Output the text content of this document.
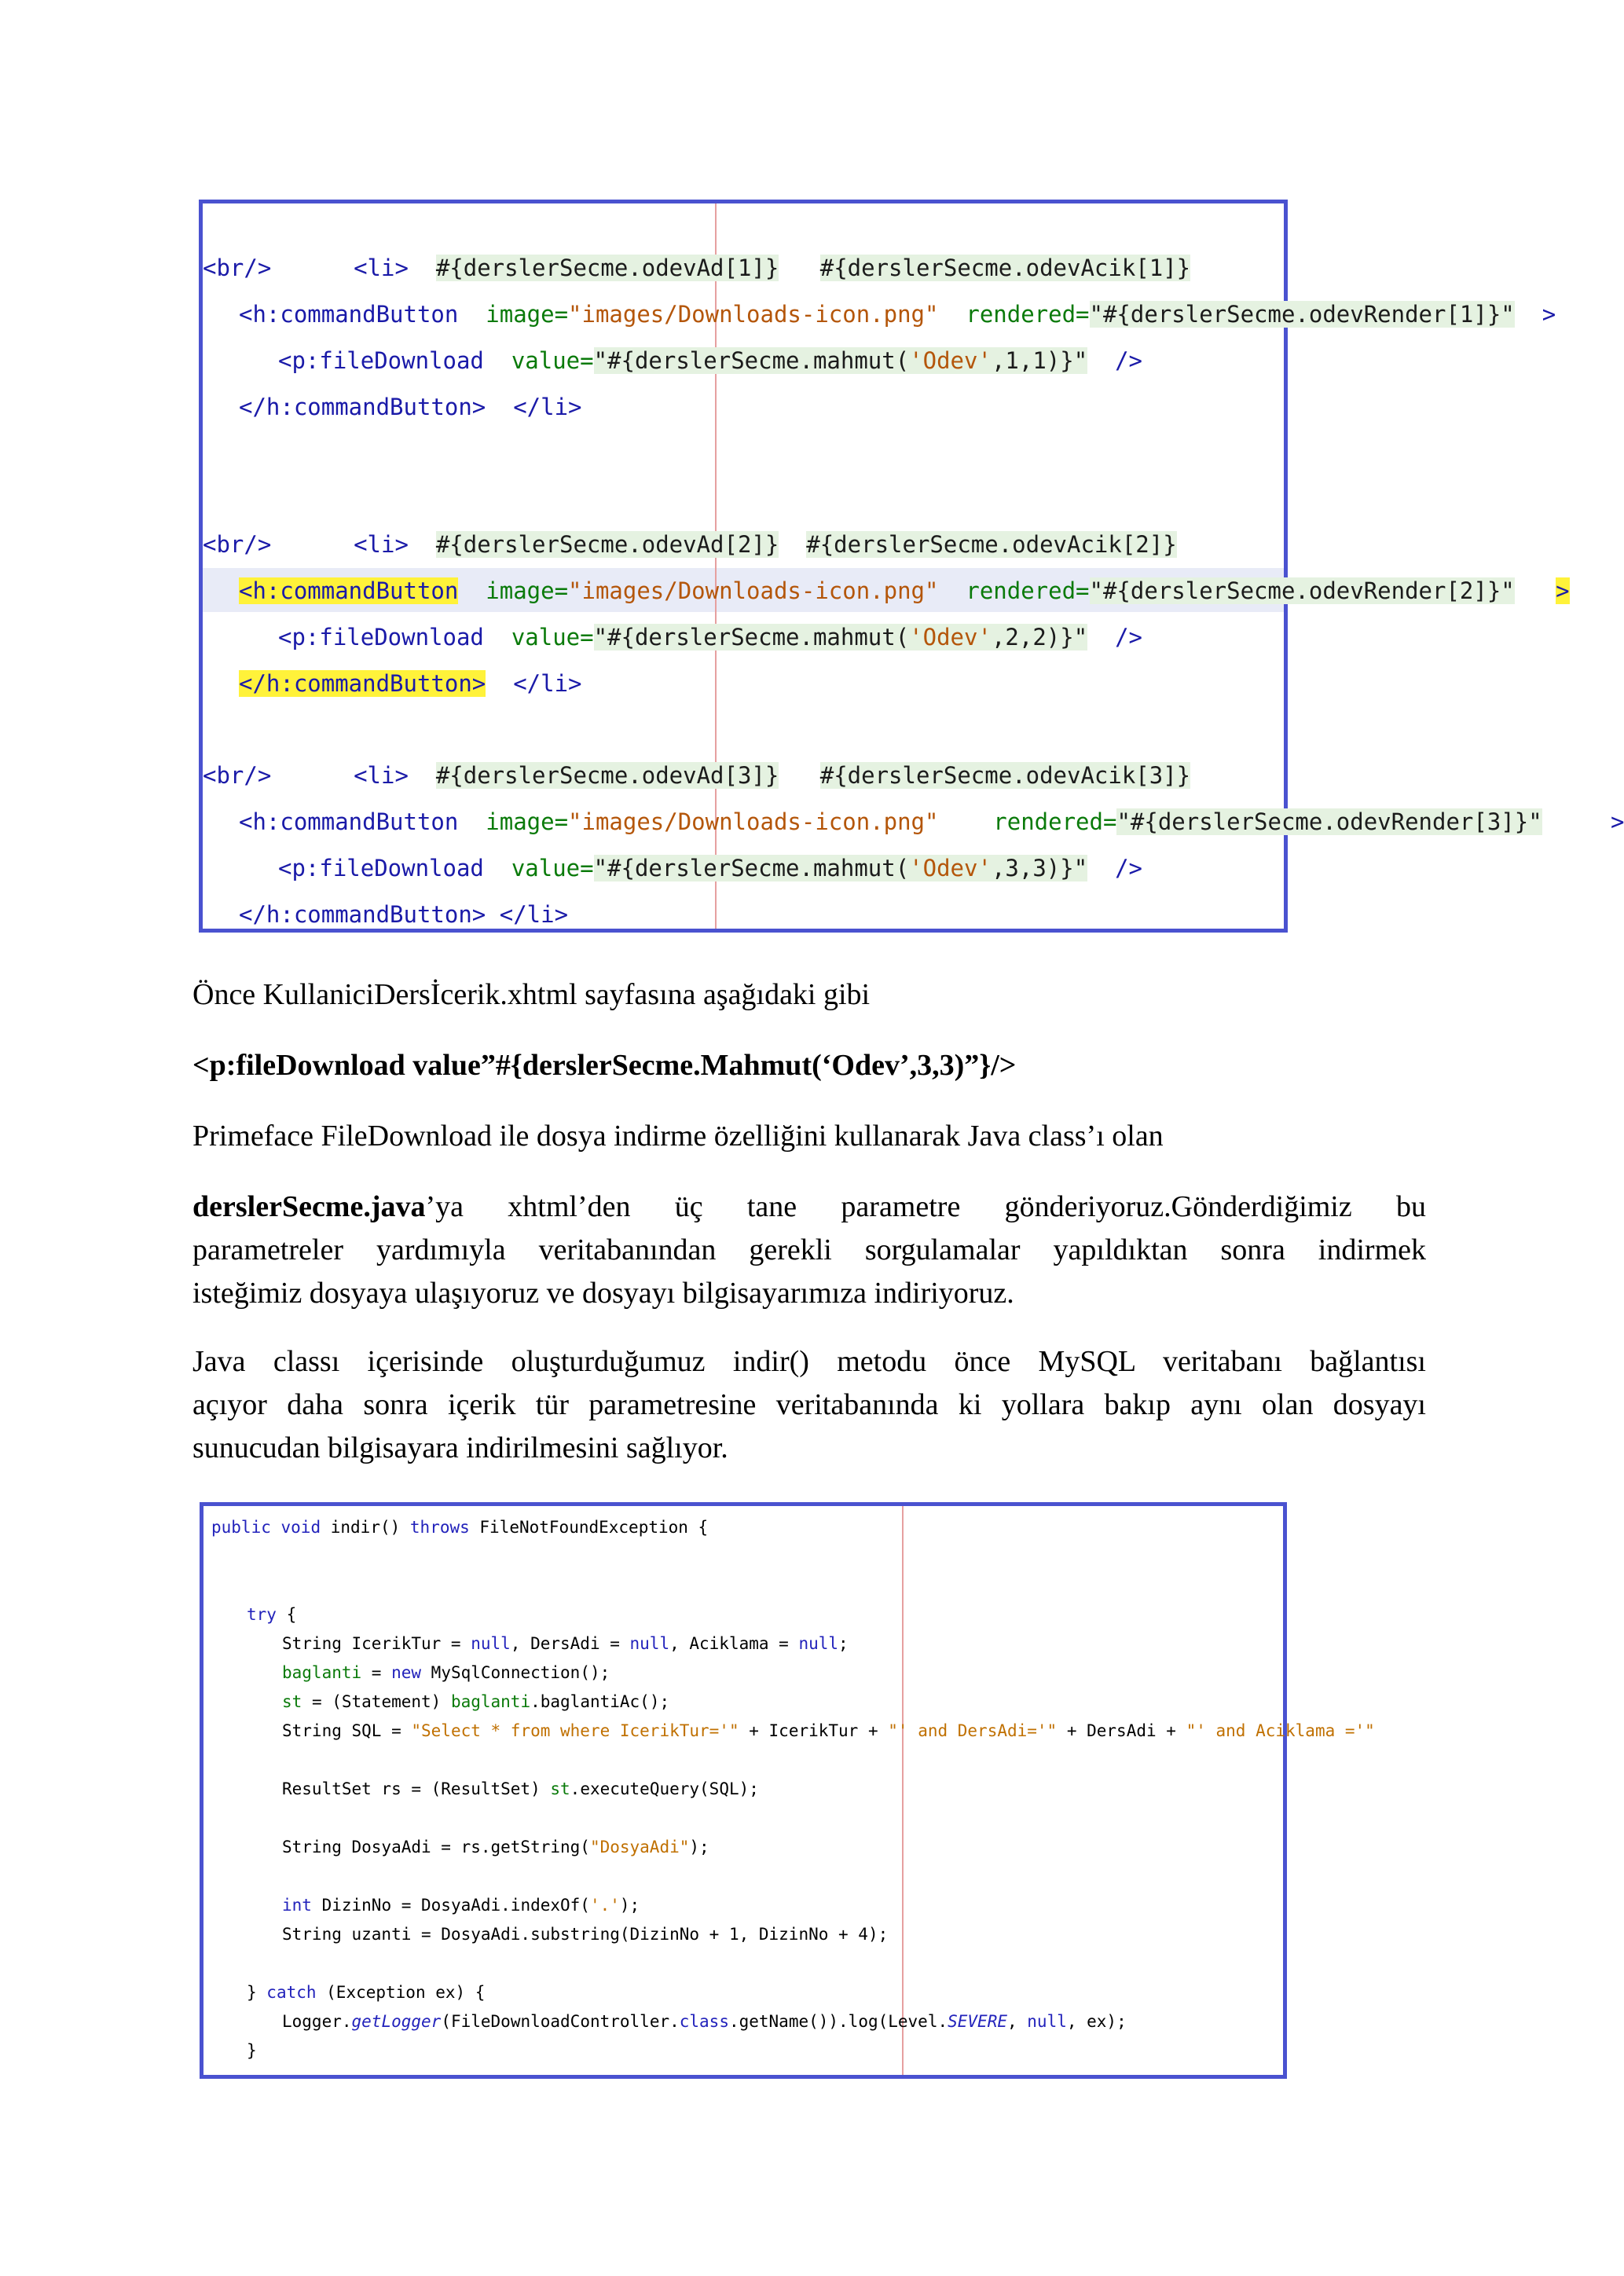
<br/>	<li> #{derslerSecme.odevAd[1]} #{derslerSecme.odevAcik[1]}
<h:commandButton image="images/Downloads-icon.png" rendered="#{derslerSecme.odevRender[1]}" >
<p:fileDownload value="#{derslerSecme.mahmut('Odev',1,1)}" />
</h:commandButton> </li>
<br/>	<li> #{derslerSecme.odevAd[2]} #{derslerSecme.odevAcik[2]}
<h:commandButton image="images/Downloads-icon.png" rendered="#{derslerSecme.odevRender[2]}" >
<p:fileDownload value="#{derslerSecme.mahmut('Odev',2,2)}" />
</h:commandButton> </li>
<br/>	<li> #{derslerSecme.odevAd[3]} #{derslerSecme.odevAcik[3]}
<h:commandButton image="images/Downloads-icon.png" rendered="#{derslerSecme.odevRender[3]}"	>
<p:fileDownload value="#{derslerSecme.mahmut('Odev',3,3)}" />
</h:commandButton> </li>
Önce KullaniciDersİcerik.xhtml sayfasına aşağıdaki gibi
<p:fileDownload value”#{derslerSecme.Mahmut(‘Odev’,3,3)”}/>
Primeface FileDownload ile dosya indirme özelliğini kullanarak Java class’ı olan
derslerSecme.java’ya xhtml’den üç tane parametre gönderiyoruz.Gönderdiğimiz bu
parametreler yardımıyla veritabanından gerekli sorgulamalar yapıldıktan sonra indirmek
isteğimiz dosyaya ulaşıyoruz ve dosyayı bilgisayarımıza indiriyoruz.
Java classı içerisinde oluşturduğumuz indir() metodu önce MySQL veritabanı bağlantısı
açıyor daha sonra içerik tür parametresine veritabanında ki yollara bakıp aynı olan dosyayı
sunucudan bilgisayara indirilmesini sağlıyor.
public void indir() throws FileNotFoundException {
try {
String IcerikTur = null, DersAdi = null, Aciklama = null;
baglanti = new MySqlConnection();
st = (Statement) baglanti.baglantiAc();
String SQL = "Select * from where IcerikTur='" + IcerikTur + "' and DersAdi='" + DersAdi + "' and Aciklama ='"
ResultSet rs = (ResultSet) st.executeQuery(SQL);
String DosyaAdi = rs.getString("DosyaAdi");
int DizinNo = DosyaAdi.indexOf('.');
String uzanti = DosyaAdi.substring(DizinNo + 1, DizinNo + 4);
} catch (Exception ex) {
Logger.getLogger(FileDownloadController.class.getName()).log(Level.SEVERE, null, ex);
}
